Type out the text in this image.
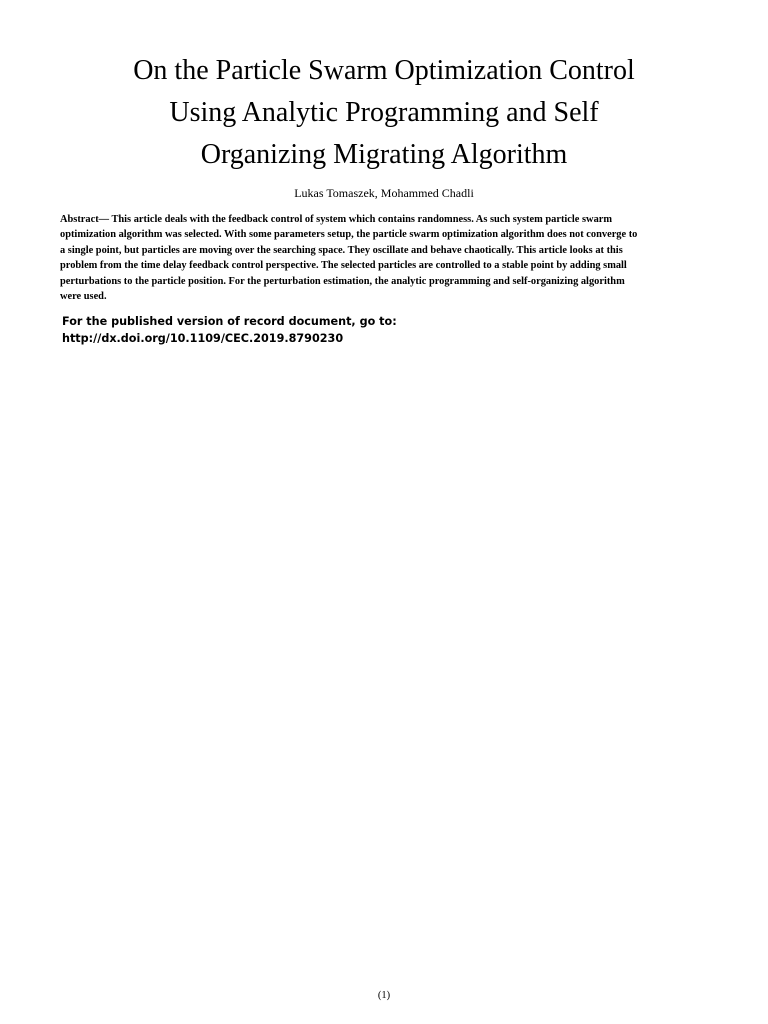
On the Particle Swarm Optimization Control
Using Analytic Programming and Self
Organizing Migrating Algorithm
Lukas Tomaszek, Mohammed Chadli

Abstract— This article deals with the feedback control of system which contains randomness. As such system particle swarm
optimization algorithm was selected. With some parameters setup, the particle swarm optimization algorithm does not converge to
a single point, but particles are moving over the searching space. They oscillate and behave chaotically. This article looks at this
problem from the time delay feedback control perspective. The selected particles are controlled to a stable point by adding small
perturbations to the particle position. For the perturbation estimation, the analytic programming and self-organizing algorithm
were used.

For the published version of record document, go to:
http://dx.doi.org/10.1109/CEC.2019.8790230
(1)
